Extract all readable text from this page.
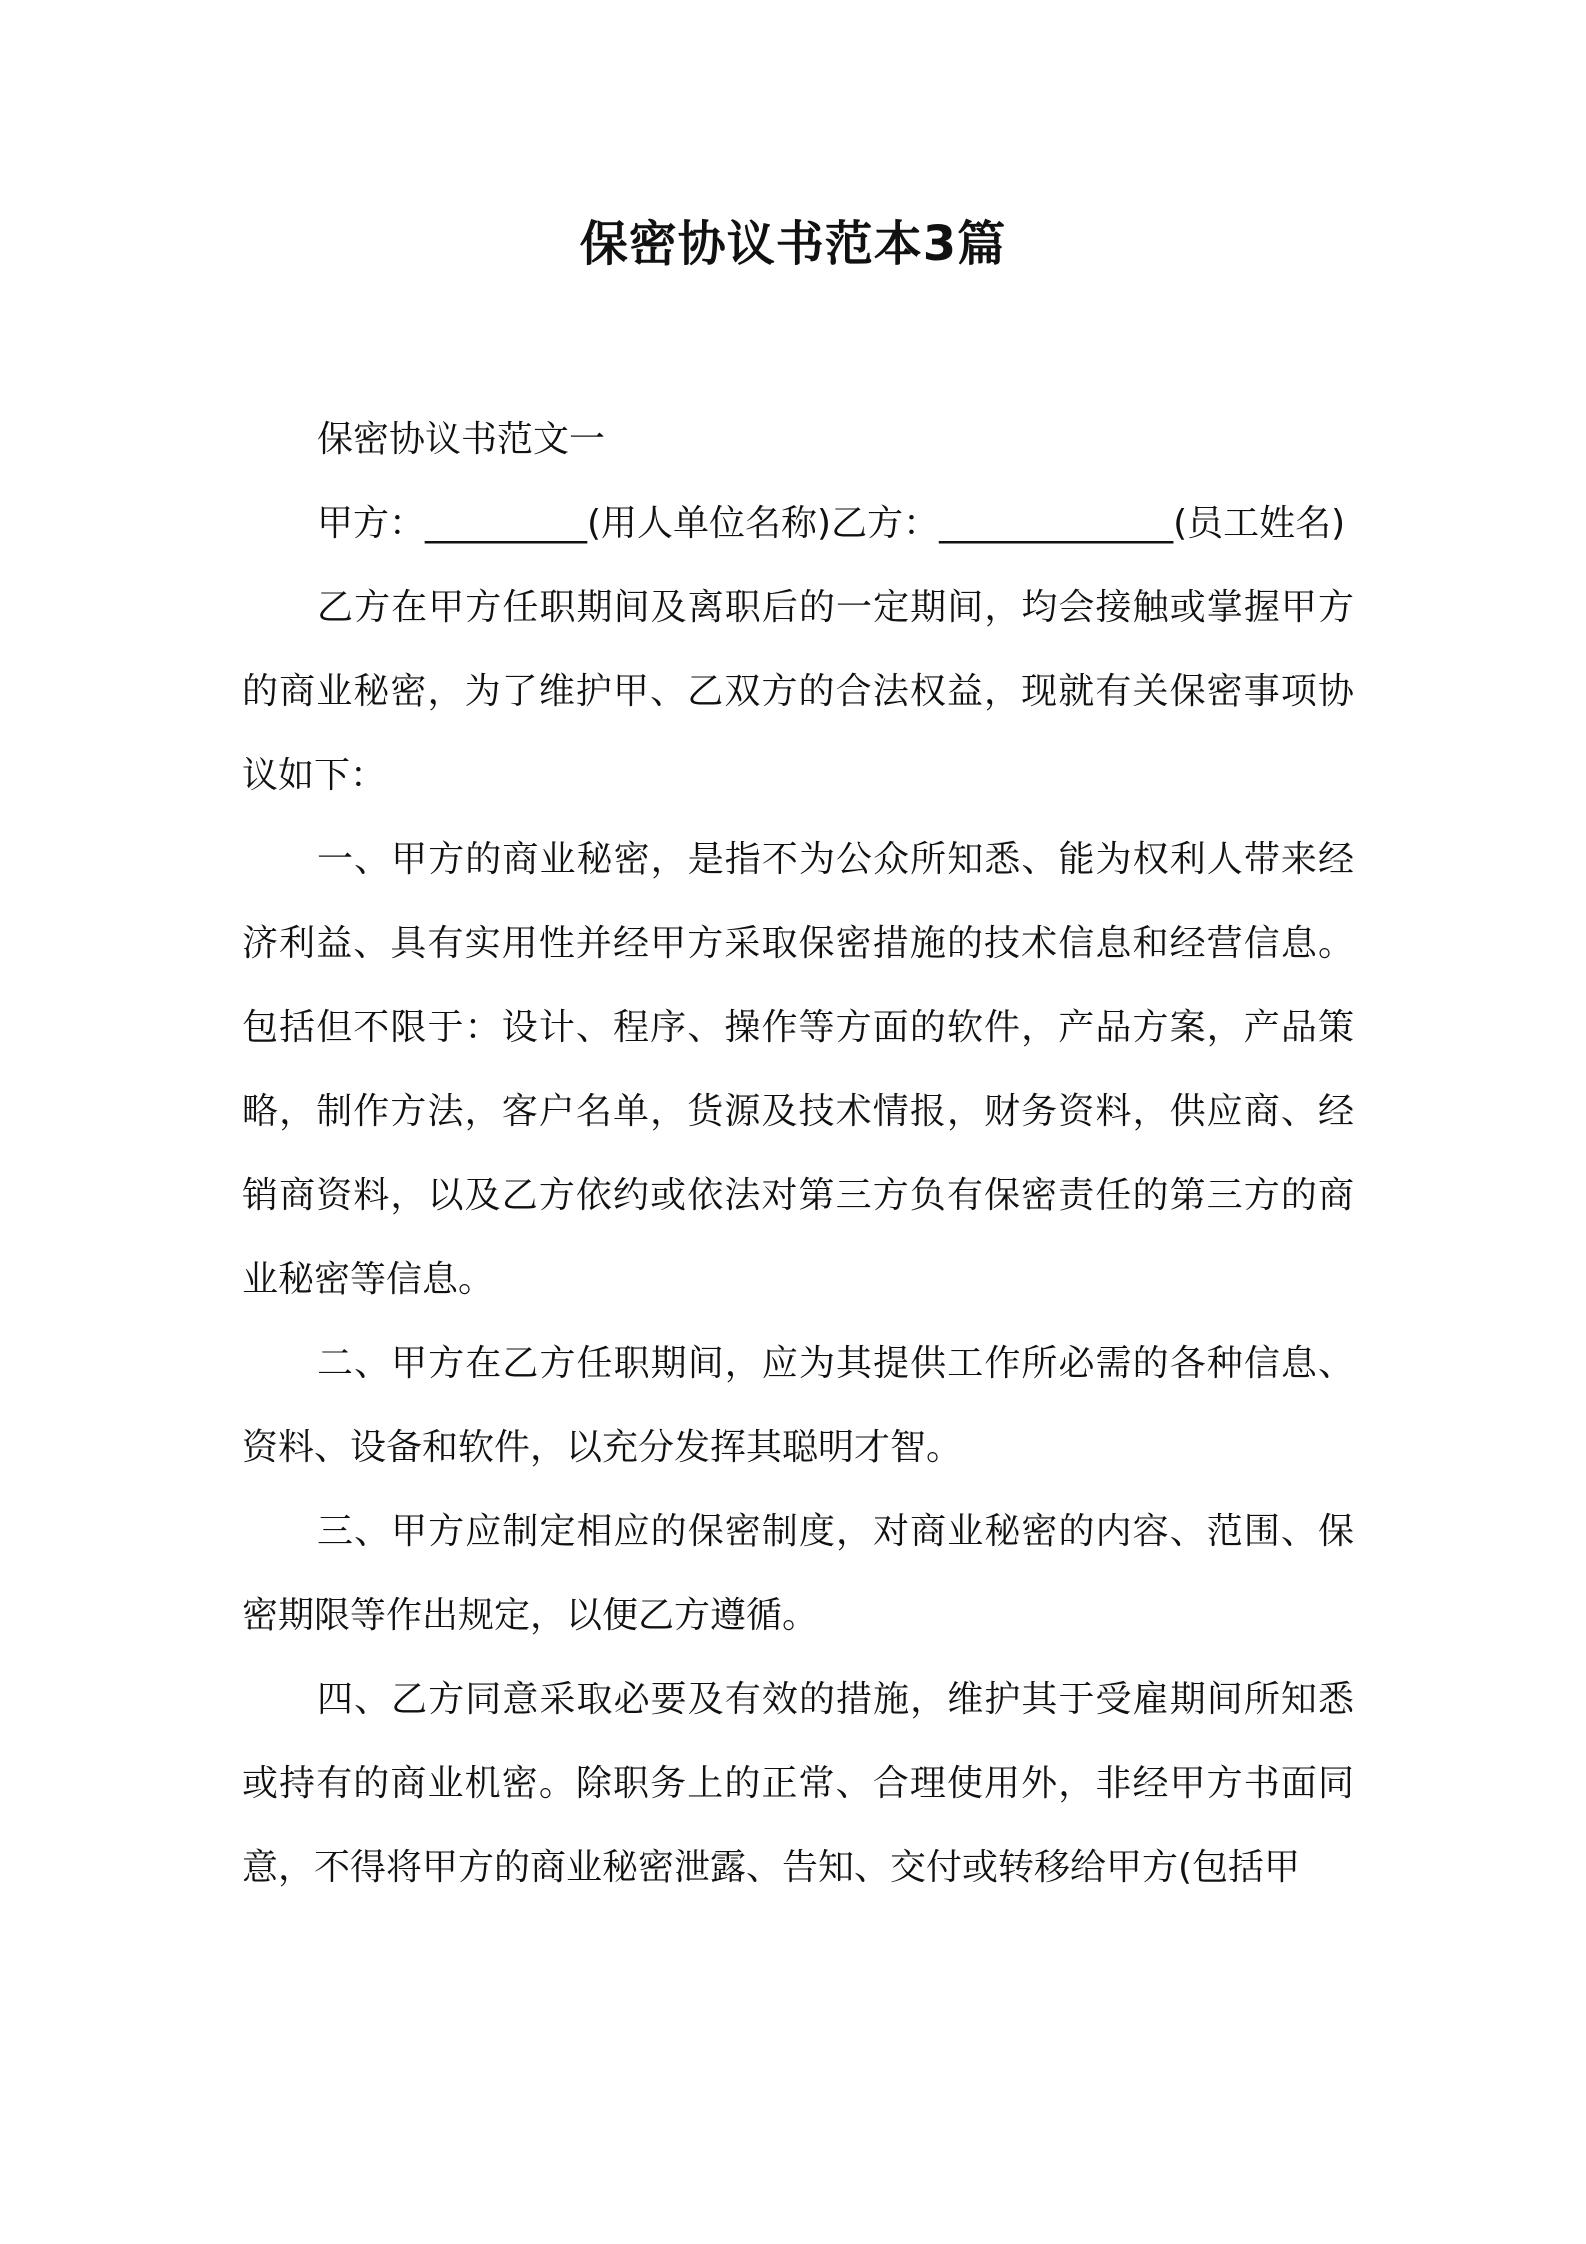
保密协议书范本3篇

保密协议书范文一

甲方：_________(用人单位名称)乙方：_____________(员工姓名)

乙方在甲方任职期间及离职后的一定期间，均会接触或掌握甲方的商业秘密，为了维护甲、乙双方的合法权益，现就有关保密事项协议如下：

一、甲方的商业秘密，是指不为公众所知悉、能为权利人带来经济利益、具有实用性并经甲方采取保密措施的技术信息和经营信息。包括但不限于：设计、程序、操作等方面的软件，产品方案，产品策略，制作方法，客户名单，货源及技术情报，财务资料，供应商、经销商资料，以及乙方依约或依法对第三方负有保密责任的第三方的商业秘密等信息。

二、甲方在乙方任职期间，应为其提供工作所必需的各种信息、资料、设备和软件，以充分发挥其聪明才智。

三、甲方应制定相应的保密制度，对商业秘密的内容、范围、保密期限等作出规定，以便乙方遵循。

四、乙方同意采取必要及有效的措施，维护其于受雇期间所知悉或持有的商业机密。除职务上的正常、合理使用外，非经甲方书面同意，不得将甲方的商业秘密泄露、告知、交付或转移给甲方(包括甲
